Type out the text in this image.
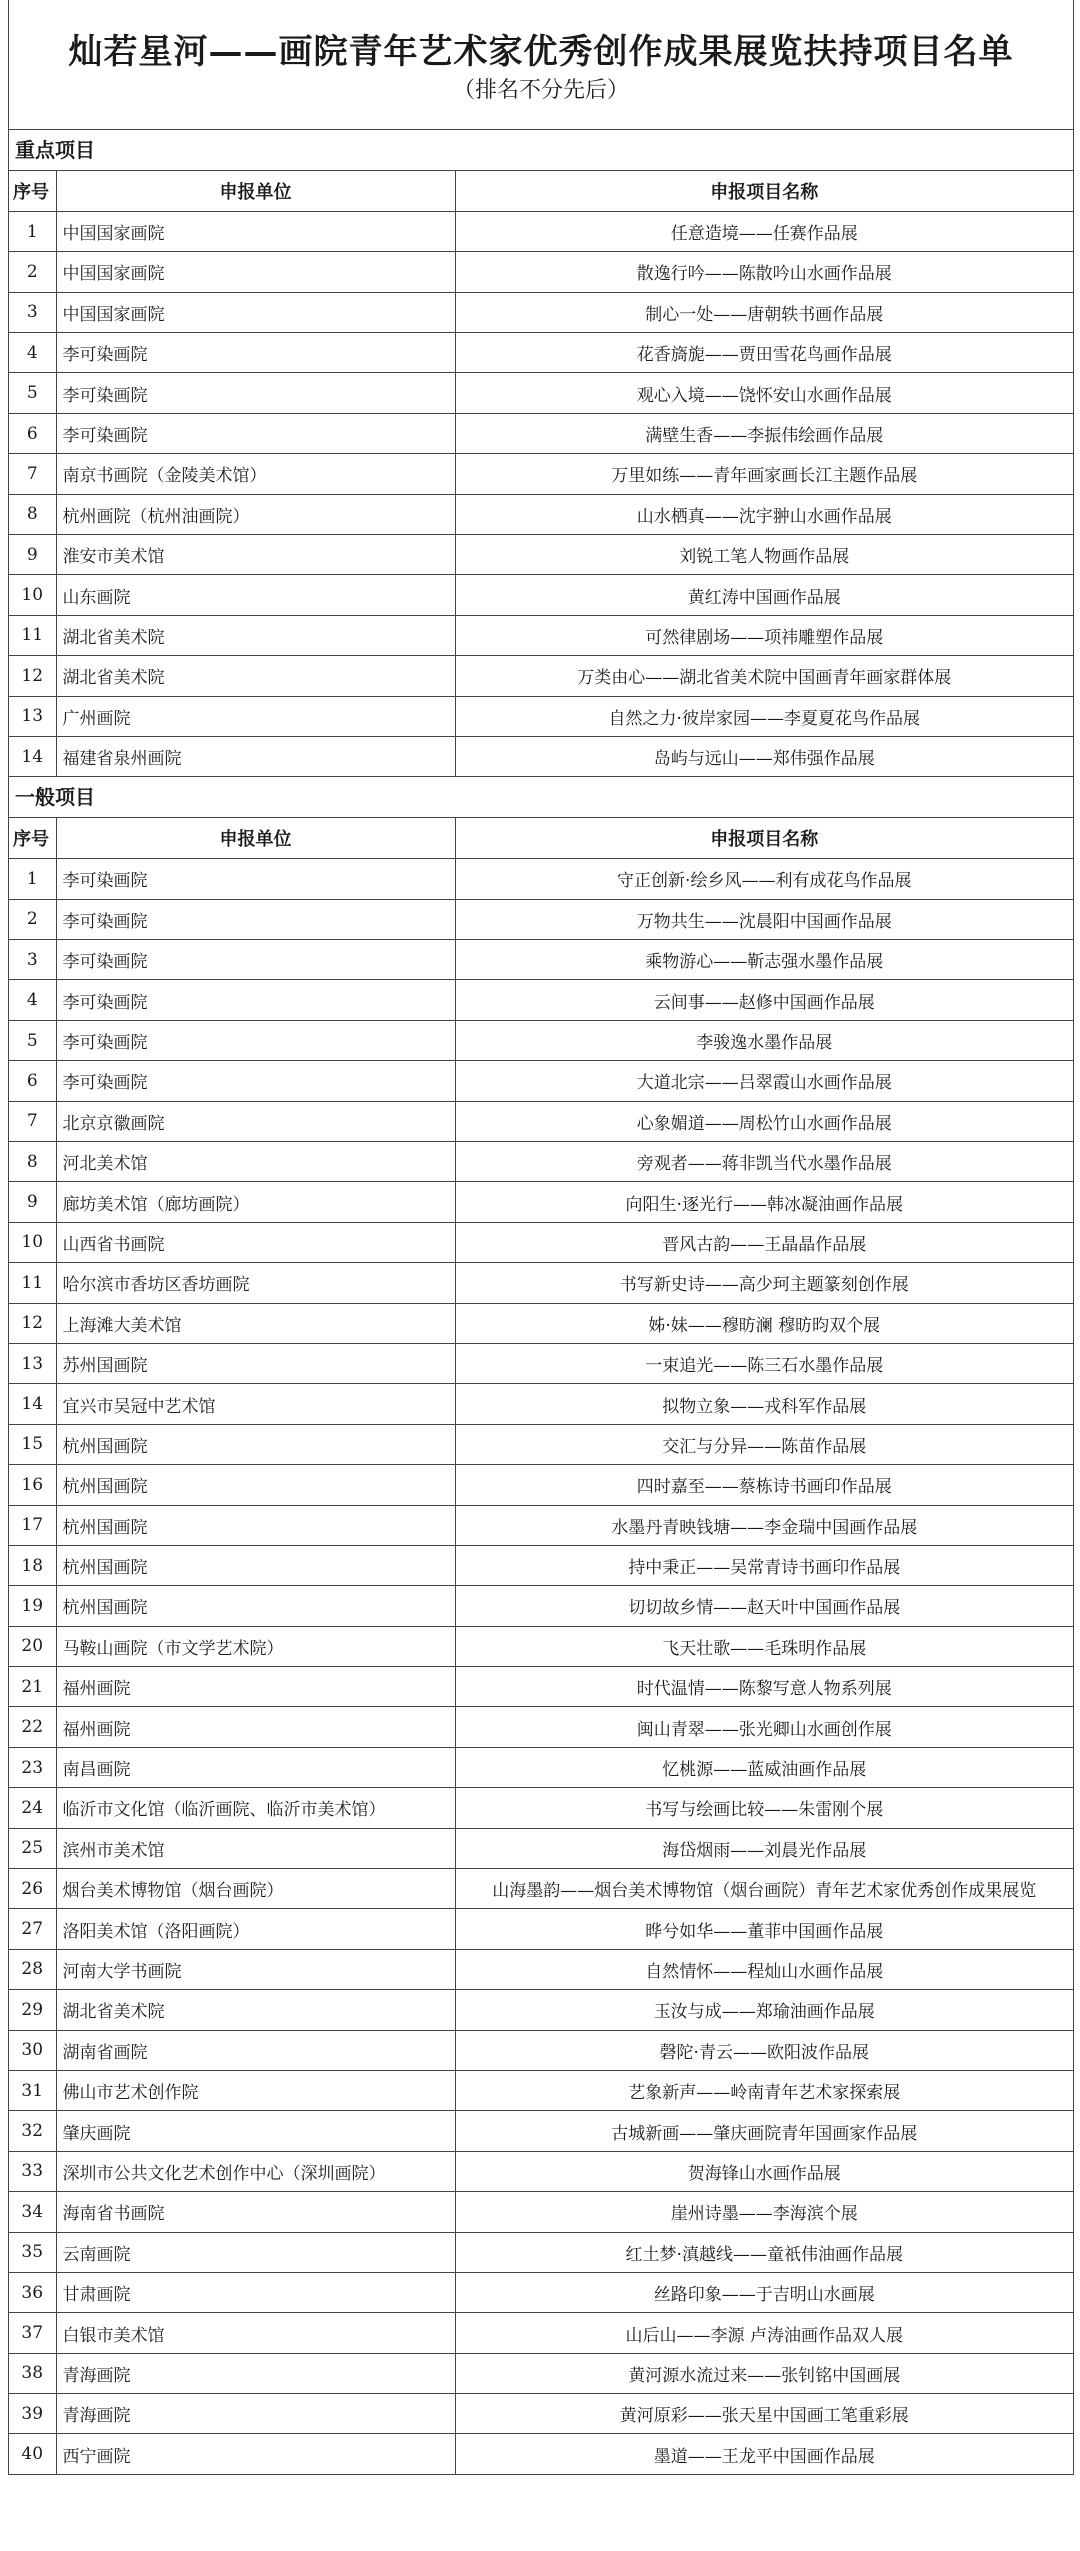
灿若星河——画院青年艺术家优秀创作成果展览扶持项目名单
（排名不分先后）
重点项目
序号	申报单位	申报项目名称
1	中国国家画院	任意造境——任赛作品展
2	中国国家画院	散逸行吟——陈散吟山水画作品展
3	中国国家画院	制心一处——唐朝轶书画作品展
4	李可染画院	花香旖旎——贾田雪花鸟画作品展
5	李可染画院	观心入境——饶怀安山水画作品展
6	李可染画院	满壁生香——李振伟绘画作品展
7	南京书画院（金陵美术馆）	万里如练——青年画家画长江主题作品展
8	杭州画院（杭州油画院）	山水栖真——沈宇翀山水画作品展
9	淮安市美术馆	刘锐工笔人物画作品展
10	山东画院	黄红涛中国画作品展
11	湖北省美术院	可然律剧场——项祎雕塑作品展
12	湖北省美术院	万类由心——湖北省美术院中国画青年画家群体展
13	广州画院	自然之力·彼岸家园——李夏夏花鸟作品展
14	福建省泉州画院	岛屿与远山——郑伟强作品展
一般项目
序号	申报单位	申报项目名称
1	李可染画院	守正创新·绘乡风——利有成花鸟作品展
2	李可染画院	万物共生——沈晨阳中国画作品展
3	李可染画院	乘物游心——靳志强水墨作品展
4	李可染画院	云间事——赵修中国画作品展
5	李可染画院	李骏逸水墨作品展
6	李可染画院	大道北宗——吕翠霞山水画作品展
7	北京京徽画院	心象媚道——周松竹山水画作品展
8	河北美术馆	旁观者——蒋非凯当代水墨作品展
9	廊坊美术馆（廊坊画院）	向阳生·逐光行——韩冰凝油画作品展
10	山西省书画院	晋风古韵——王晶晶作品展
11	哈尔滨市香坊区香坊画院	书写新史诗——高少珂主题篆刻创作展
12	上海滩大美术馆	姊·妹——穆昉澜 穆昉昀双个展
13	苏州国画院	一束追光——陈三石水墨作品展
14	宜兴市吴冠中艺术馆	拟物立象——戎科军作品展
15	杭州国画院	交汇与分异——陈苗作品展
16	杭州国画院	四时嘉至——蔡栋诗书画印作品展
17	杭州国画院	水墨丹青映钱塘——李金瑞中国画作品展
18	杭州国画院	持中秉正——吴常青诗书画印作品展
19	杭州国画院	切切故乡情——赵天叶中国画作品展
20	马鞍山画院（市文学艺术院）	飞天壮歌——毛珠明作品展
21	福州画院	时代温情——陈黎写意人物系列展
22	福州画院	闽山青翠——张光卿山水画创作展
23	南昌画院	忆桃源——蓝威油画作品展
24	临沂市文化馆（临沂画院、临沂市美术馆）	书写与绘画比较——朱雷刚个展
25	滨州市美术馆	海岱烟雨——刘晨光作品展
26	烟台美术博物馆（烟台画院）	山海墨韵——烟台美术博物馆（烟台画院）青年艺术家优秀创作成果展览
27	洛阳美术馆（洛阳画院）	晔兮如华——董菲中国画作品展
28	河南大学书画院	自然情怀——程灿山水画作品展
29	湖北省美术院	玉汝与成——郑瑜油画作品展
30	湖南省画院	磬陀·青云——欧阳波作品展
31	佛山市艺术创作院	艺象新声——岭南青年艺术家探索展
32	肇庆画院	古城新画——肇庆画院青年国画家作品展
33	深圳市公共文化艺术创作中心（深圳画院）	贺海锋山水画作品展
34	海南省书画院	崖州诗墨——李海滨个展
35	云南画院	红土梦·滇越线——童祇伟油画作品展
36	甘肃画院	丝路印象——于吉明山水画展
37	白银市美术馆	山后山——李源 卢涛油画作品双人展
38	青海画院	黄河源水流过来——张钊铭中国画展
39	青海画院	黄河原彩——张天星中国画工笔重彩展
40	西宁画院	墨道——王龙平中国画作品展
